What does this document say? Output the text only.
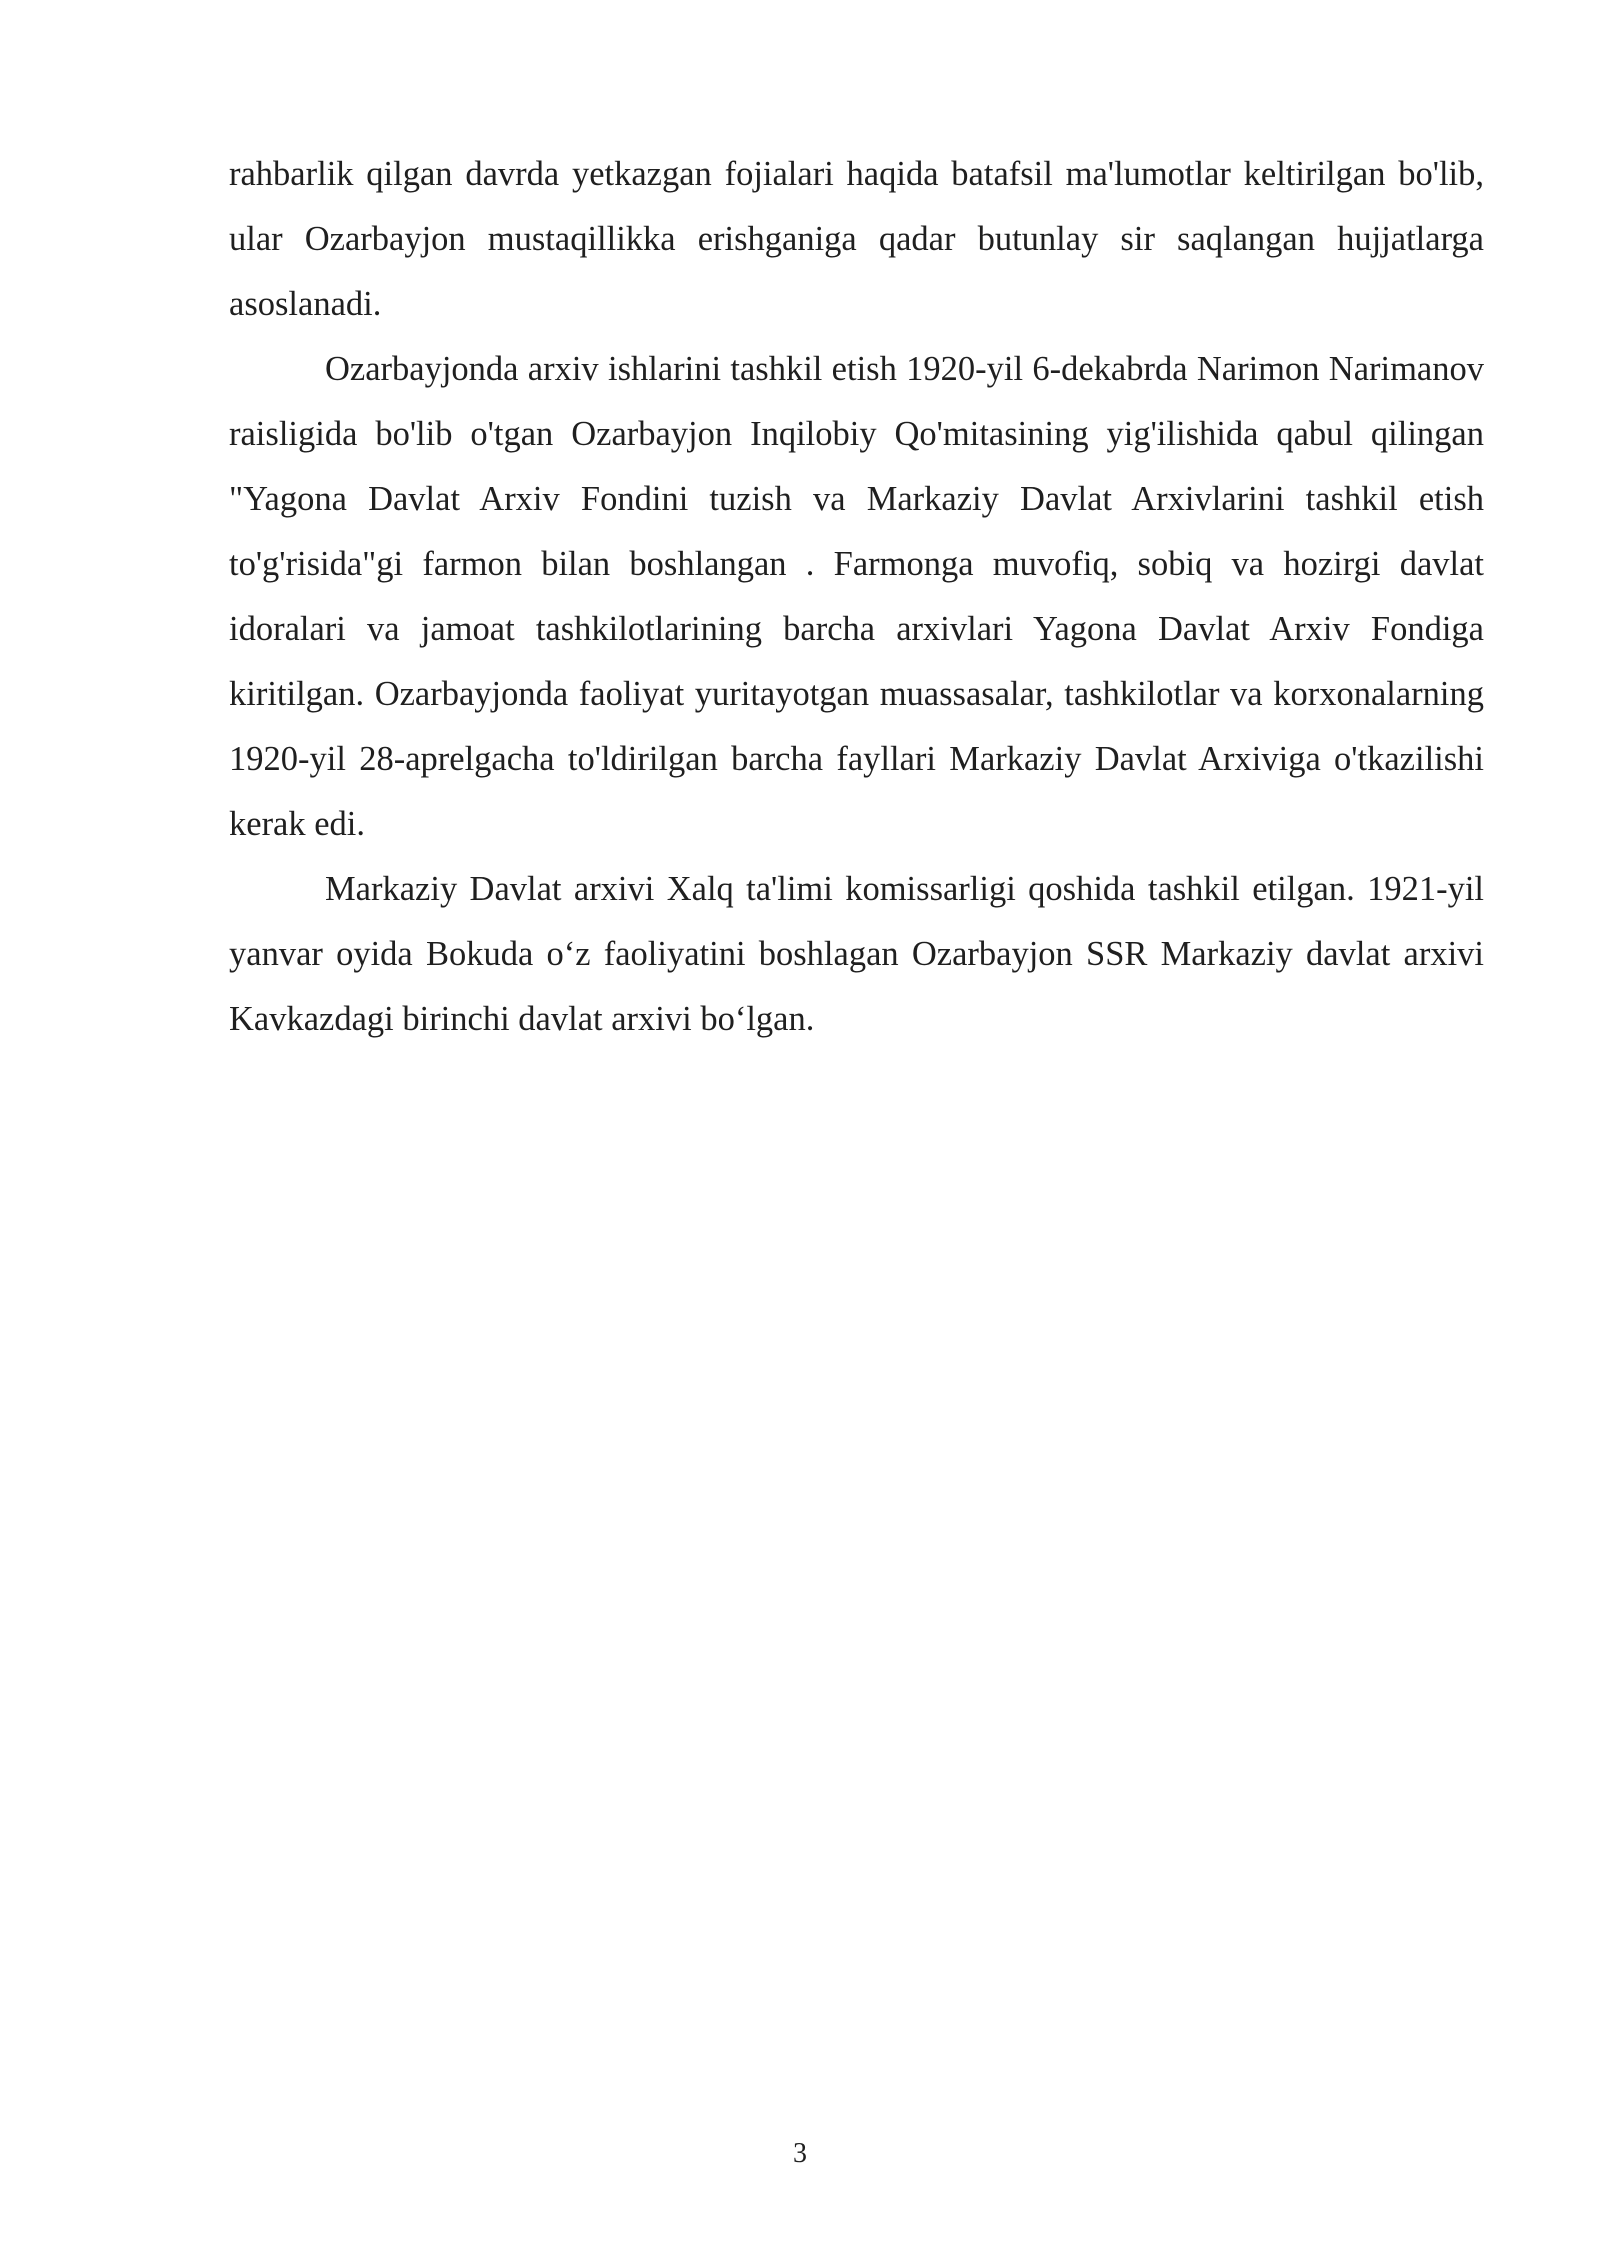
rahbarlik qilgan davrda yetkazgan fojialari haqida batafsil ma'lumotlar keltirilgan bo'lib, ular Ozarbayjon mustaqillikka erishganiga qadar butunlay sir saqlangan hujjatlarga asoslanadi.

Ozarbayjonda arxiv ishlarini tashkil etish 1920-yil 6-dekabrda Narimon Narimanov raisligida bo'lib o'tgan Ozarbayjon Inqilobiy Qo'mitasining yig'ilishida qabul qilingan "Yagona Davlat Arxiv Fondini tuzish va Markaziy Davlat Arxivlarini tashkil etish to'g'risida"gi farmon bilan boshlangan . Farmonga muvofiq, sobiq va hozirgi davlat idoralari va jamoat tashkilotlarining barcha arxivlari Yagona Davlat Arxiv Fondiga kiritilgan. Ozarbayjonda faoliyat yuritayotgan muassasalar, tashkilotlar va korxonalarning 1920-yil 28-aprelgacha to'ldirilgan barcha fayllari Markaziy Davlat Arxiviga o'tkazilishi kerak edi.

Markaziy Davlat arxivi Xalq ta'limi komissarligi qoshida tashkil etilgan. 1921-yil yanvar oyida Bokuda o‘z faoliyatini boshlagan Ozarbayjon SSR Markaziy davlat arxivi Kavkazdagi birinchi davlat arxivi bo‘lgan.

3
